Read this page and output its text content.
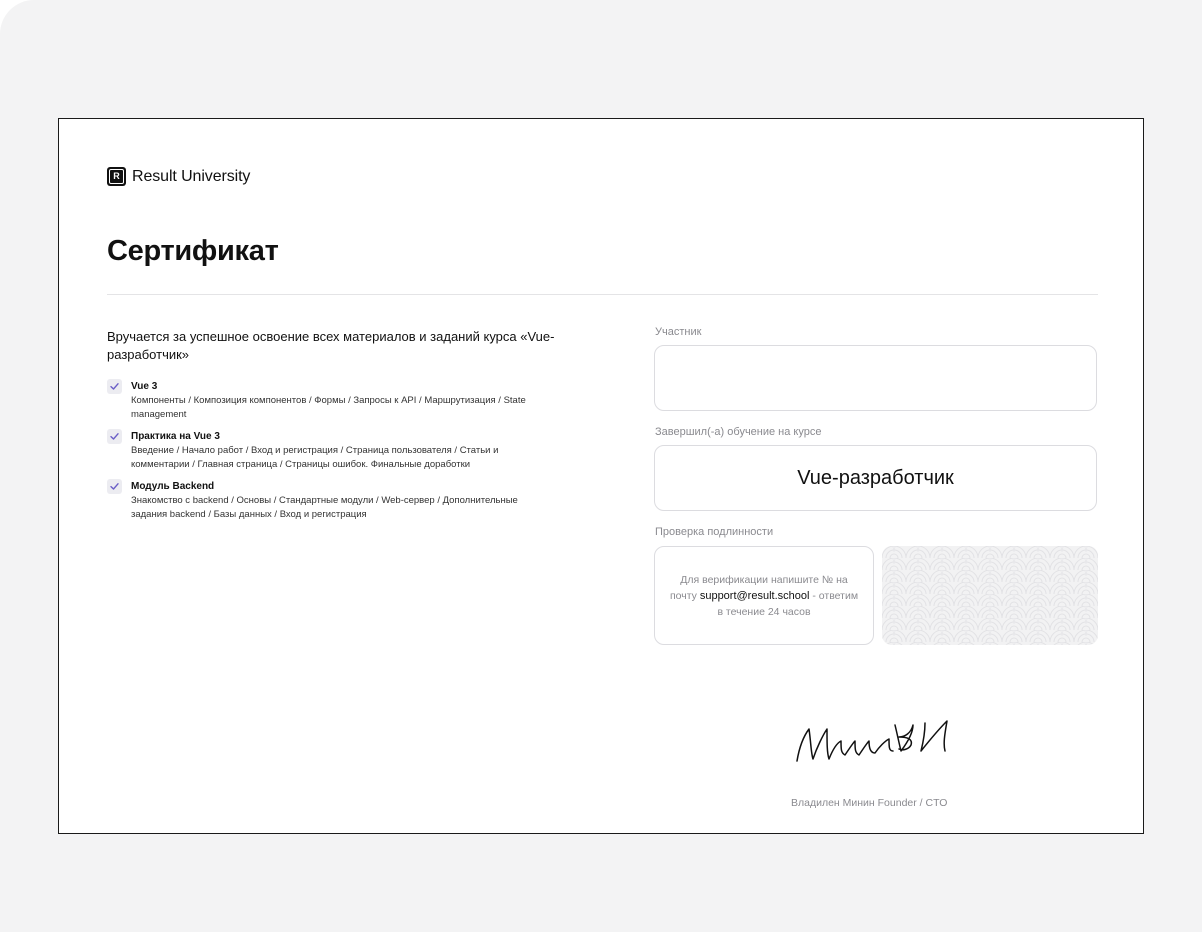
R Result University
Сертификат
Вручается за успешное освоение всех материалов и заданий курса «Vue-разработчик»
Vue 3
Компоненты / Композиция компонентов / Формы / Запросы к API / Маршрутизация / State management
Практика на Vue 3
Введение / Начало работ / Вход и регистрация / Страница пользователя / Статьи и комментарии / Главная страница / Страницы ошибок. Финальные доработки
Модуль Backend
Знакомство с backend / Основы / Стандартные модули / Web-сервер / Дополнительные задания backend / Базы данных / Вход и регистрация
Участник
Завершил(-а) обучение на курсе
Vue-разработчик
Проверка подлинности
Для верификации напишите № на почту support@result.school - ответим в течение 24 часов
Владилен Минин Founder / CTO
